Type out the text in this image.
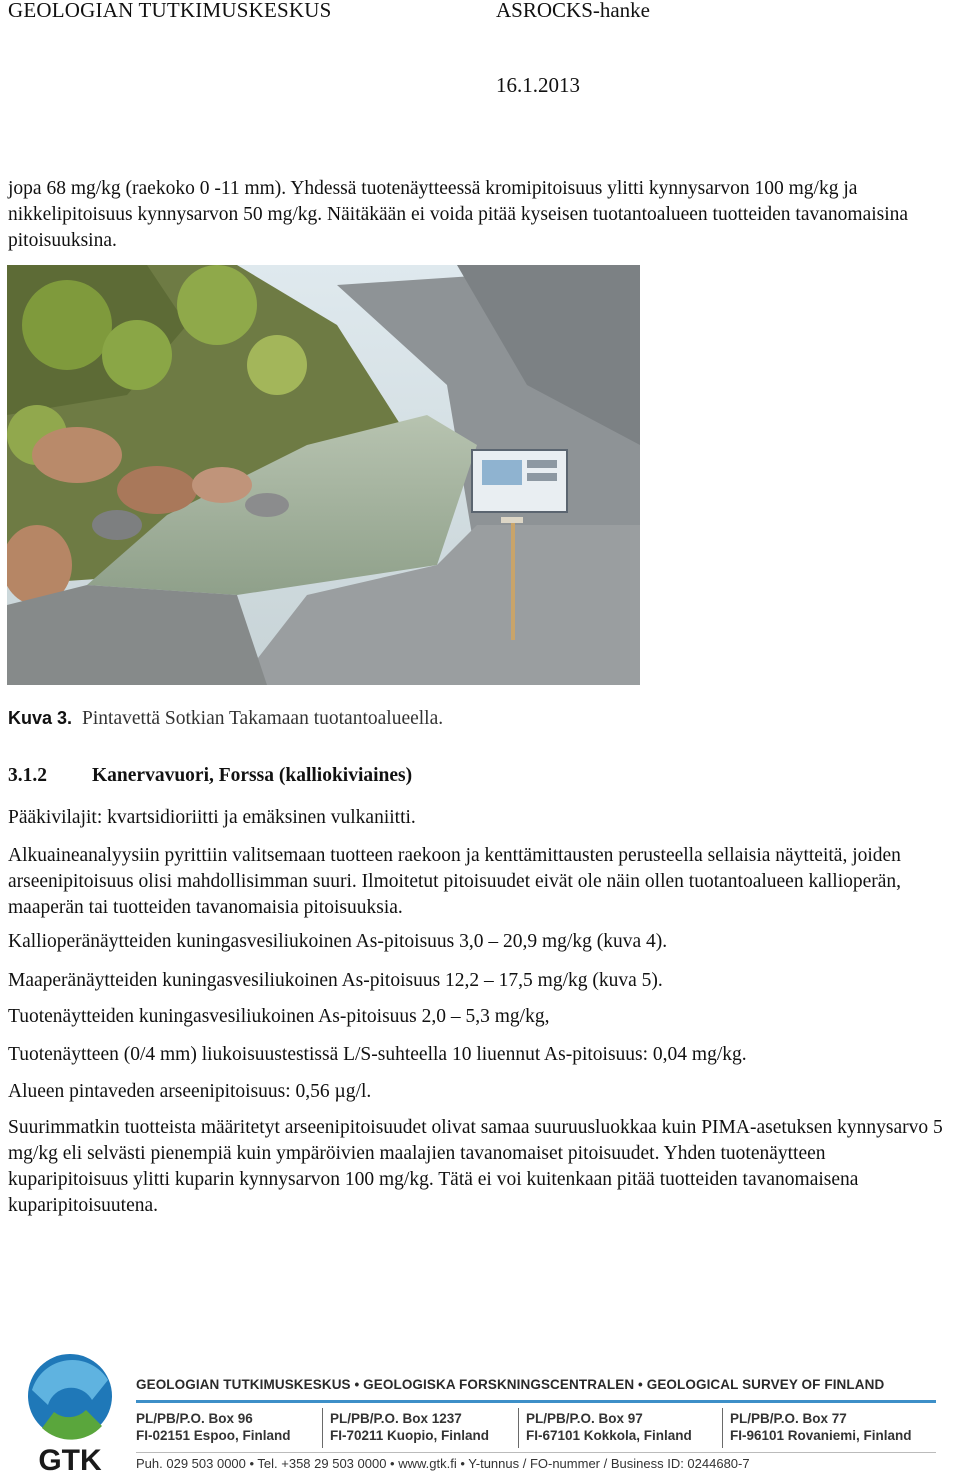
GEOLOGIAN TUTKIMUSKESKUS	ASROCKS-hanke
16.1.2013

jopa 68 mg/kg (raekoko 0 -11 mm). Yhdessä tuotenäytteessä kromipitoisuus ylitti kynnysarvon 100 mg/kg ja nikkelipitoisuus kynnysarvon 50 mg/kg. Näitäkään ei voida pitää kyseisen tuotantoalueen tuotteiden tavanomaisina pitoisuuksina.

Kuva 3. Pintavettä Sotkian Takamaan tuotantoalueella.
3.1.2 Kanervavuori, Forssa (kalliokiviaines)

Pääkivilajit: kvartsidioriitti ja emäksinen vulkaniitti.

Alkuaineanalyysiin pyrittiin valitsemaan tuotteen raekoon ja kenttämittausten perusteella sellaisia näytteitä, joiden arseenipitoisuus olisi mahdollisimman suuri. Ilmoitetut pitoisuudet eivät ole näin ollen tuotantoalueen kallioperän, maaperän tai tuotteiden tavanomaisia pitoisuuksia.

Kallioperänäytteiden kuningasvesiliukoinen As-pitoisuus 3,0 – 20,9 mg/kg (kuva 4).

Maaperänäytteiden kuningasvesiliukoinen As-pitoisuus 12,2 – 17,5 mg/kg (kuva 5).

Tuotenäytteiden kuningasvesiliukoinen As-pitoisuus 2,0 – 5,3 mg/kg,

Tuotenäytteen (0/4 mm) liukoisuustestissä L/S-suhteella 10 liuennut As-pitoisuus: 0,04 mg/kg.

Alueen pintaveden arseenipitoisuus: 0,56 µg/l.

Suurimmatkin tuotteista määritetyt arseenipitoisuudet olivat samaa suuruusluokkaa kuin PIMA-asetuksen kynnysarvo 5 mg/kg eli selvästi pienempiä kuin ympäröivien maalajien tavanomaiset pitoisuudet. Yhden tuotenäytteen kuparipitoisuus ylitti kuparin kynnysarvon 100 mg/kg. Tätä ei voi kuitenkaan pitää tuotteiden tavanomaisena kuparipitoisuutena.

GTK
GEOLOGIAN TUTKIMUSKESKUS • GEOLOGISKA FORSKNINGSCENTRALEN • GEOLOGICAL SURVEY OF FINLAND
PL/PB/P.O. Box 96
FI-02151 Espoo, Finland
PL/PB/P.O. Box 1237
FI-70211 Kuopio, Finland
PL/PB/P.O. Box 97
FI-67101 Kokkola, Finland
PL/PB/P.O. Box 77
FI-96101 Rovaniemi, Finland
Puh. 029 503 0000 • Tel. +358 29 503 0000 • www.gtk.fi • Y-tunnus / FO-nummer / Business ID: 0244680-7
